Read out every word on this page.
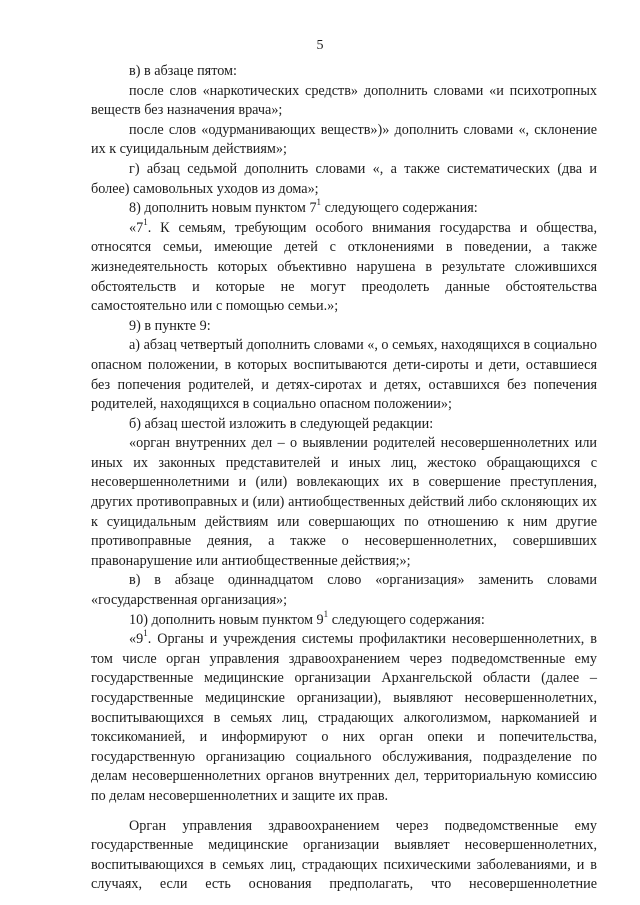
5

в) в абзаце пятом:

после слов «наркотических средств» дополнить словами «и психотропных веществ без назначения врача»;

после слов «одурманивающих веществ»)» дополнить словами «, склонение их к суицидальным действиям»;

г) абзац седьмой дополнить словами «, а также систематических (два и более) самовольных уходов из дома»;

8) дополнить новым пунктом $7^1$ следующего содержания:

«$7^1$. К семьям, требующим особого внимания государства и общества, относятся семьи, имеющие детей с отклонениями в поведении, а также жизнедеятельность которых объективно нарушена в результате сложившихся обстоятельств и которые не могут преодолеть данные обстоятельства самостоятельно или с помощью семьи.»;

9) в пункте 9:

а) абзац четвертый дополнить словами «, о семьях, находящихся в социально опасном положении, в которых воспитываются дети-сироты и дети, оставшиеся без попечения родителей, и детях-сиротах и детях, оставшихся без попечения родителей, находящихся в социально опасном положении»;

б) абзац шестой изложить в следующей редакции:

«орган внутренних дел – о выявлении родителей несовершеннолетних или иных их законных представителей и иных лиц, жестоко обращающихся с несовершеннолетними и (или) вовлекающих их в совершение преступления, других противоправных и (или) антиобщественных действий либо склоняющих их к суицидальным действиям или совершающих по отношению к ним другие противоправные деяния, а также о несовершеннолетних, совершивших правонарушение или антиобщественные действия;»;

в) в абзаце одиннадцатом слово «организация» заменить словами «государственная организация»;

10) дополнить новым пунктом $9^1$ следующего содержания:

«$9^1$. Органы и учреждения системы профилактики несовершеннолетних, в том числе орган управления здравоохранением через подведомственные ему государственные медицинские организации Архангельской области (далее – государственные медицинские организации), выявляют несовершеннолетних, воспитывающихся в семьях лиц, страдающих алкоголизмом, наркоманией и токсикоманией, и информируют о них орган опеки и попечительства, государственную организацию социального обслуживания, подразделение по делам несовершеннолетних органов внутренних дел, территориальную комиссию по делам несовершеннолетних и защите их прав.

Орган управления здравоохранением через подведомственные ему государственные медицинские организации выявляет несовершеннолетних, воспитывающихся в семьях лиц, страдающих психическими заболеваниями, и в случаях, если есть основания предполагать, что несовершеннолетние
